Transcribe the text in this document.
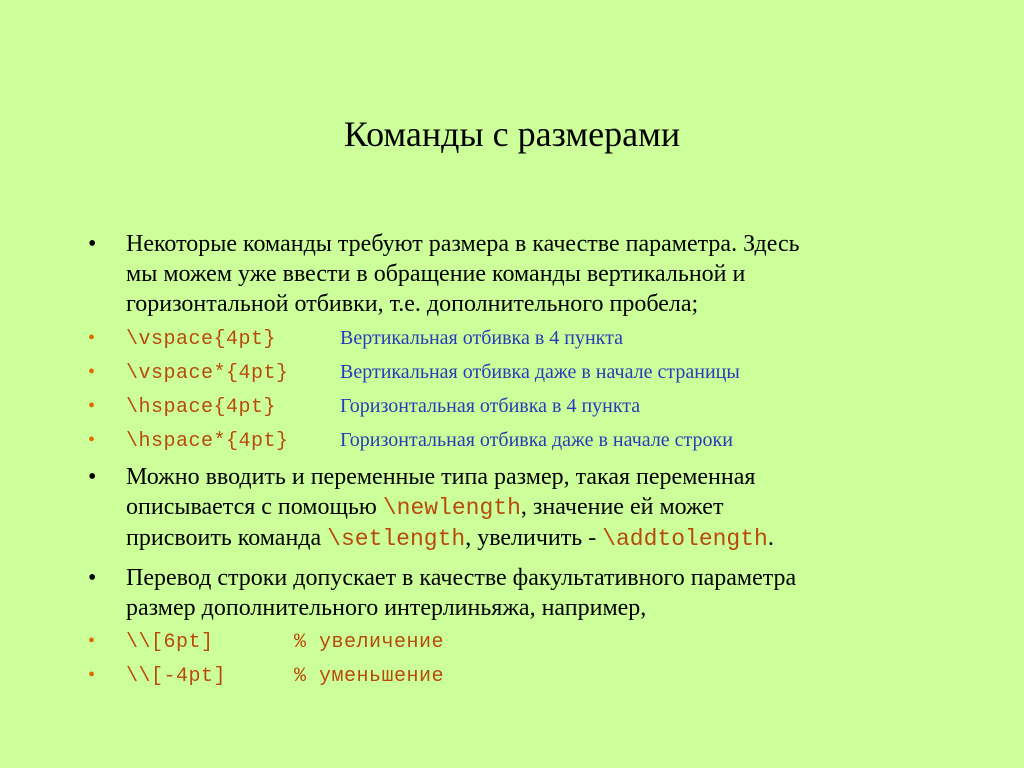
Команды с размерами
•	Некоторые команды требуют размера в качестве параметра. Здесь
мы можем уже ввести в обращение команды вертикальной и
горизонтальной отбивки, т.е. дополнительного пробела;
•	\vspace{4pt}	Вертикальная отбивка в 4 пункта
•	\vspace*{4pt}	Вертикальная отбивка даже в начале страницы
•	\hspace{4pt}	Горизонтальная отбивка в 4 пункта
•	\hspace*{4pt}	Горизонтальная отбивка даже в начале строки
•	Можно вводить и переменные типа размер, такая переменная
описывается с помощью \newlength, значение ей может
присвоить команда \setlength, увеличить - \addtolength.
•	Перевод строки допускает в качестве факультативного параметра
размер дополнительного интерлиньяжа, например,
•	\\[6pt]	% увеличение
•	\\[-4pt]	% уменьшение
